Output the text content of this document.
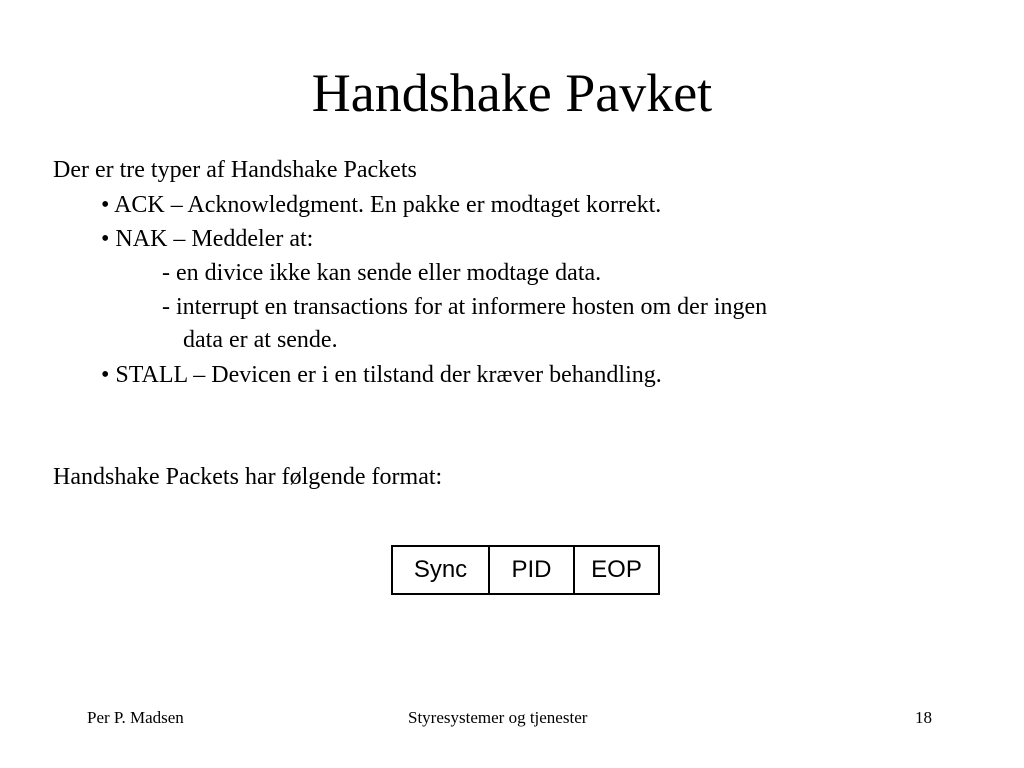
Handshake Pavket
Der er tre typer af Handshake Packets
• ACK – Acknowledgment. En pakke er modtaget korrekt.
• NAK – Meddeler at:
- en divice ikke kan sende eller modtage data.
- interrupt en transactions for at informere hosten om der ingen
data er at sende.
• STALL – Devicen er i en tilstand der kræver behandling.
Handshake Packets har følgende format:
Sync	PID	EOP
Per P. Madsen	Styresystemer og tjenester	18
